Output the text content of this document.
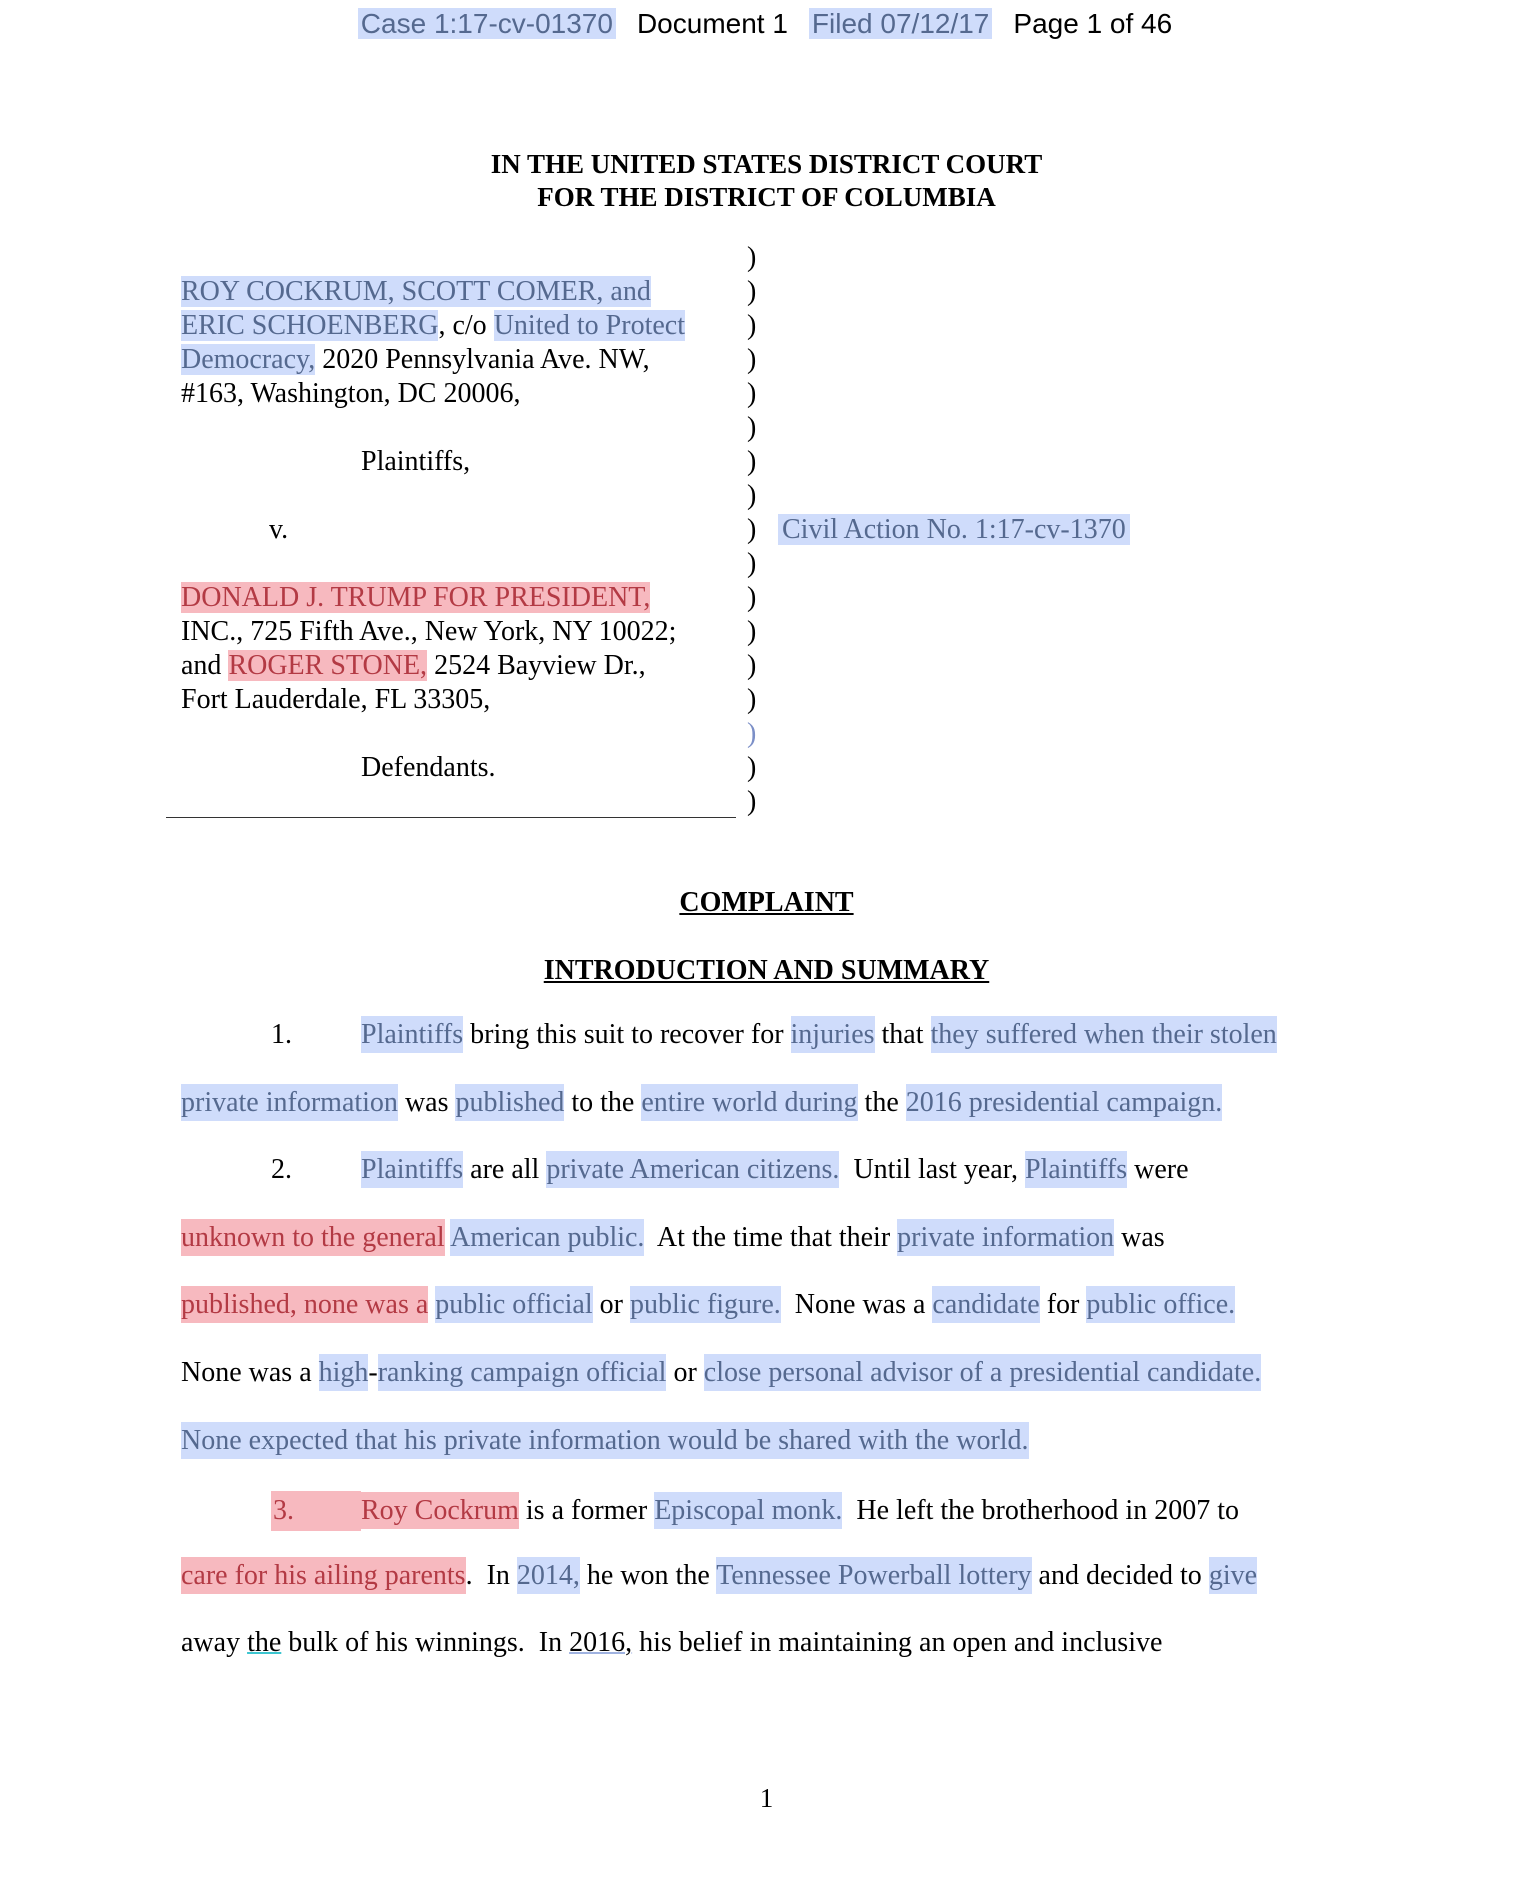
Case 1:17-cv-01370 Document 1 Filed 07/12/17 Page 1 of 46
IN THE UNITED STATES DISTRICT COURT
FOR THE DISTRICT OF COLUMBIA
ROY COCKRUM, SCOTT COMER, and
ERIC SCHOENBERG, c/o United to Protect
Democracy, 2020 Pennsylvania Ave. NW,
#163, Washington, DC 20006,
Plaintiffs,
v.
DONALD J. TRUMP FOR PRESIDENT,
INC., 725 Fifth Ave., New York, NY 10022;
and ROGER STONE, 2524 Bayview Dr.,
Fort Lauderdale, FL 33305,
Defendants.
)
)
)
)
)
)
)
)
)
)
)
)
)
)
)
)
)
Civil Action No. 1:17-cv-1370
COMPLAINT
INTRODUCTION AND SUMMARY
1. Plaintiffs bring this suit to recover for injuries that they suffered when their stolen
private information was published to the entire world during the 2016 presidential campaign.
2. Plaintiffs are all private American citizens.  Until last year, Plaintiffs were
unknown to the general American public.  At the time that their private information was
published, none was a public official or public figure.  None was a candidate for public office.
None was a high-ranking campaign official or close personal advisor of a presidential candidate.
None expected that his private information would be shared with the world.
3. Roy Cockrum is a former Episcopal monk.  He left the brotherhood in 2007 to
care for his ailing parents.  In 2014, he won the Tennessee Powerball lottery and decided to give
away the bulk of his winnings.  In 2016, his belief in maintaining an open and inclusive
1
